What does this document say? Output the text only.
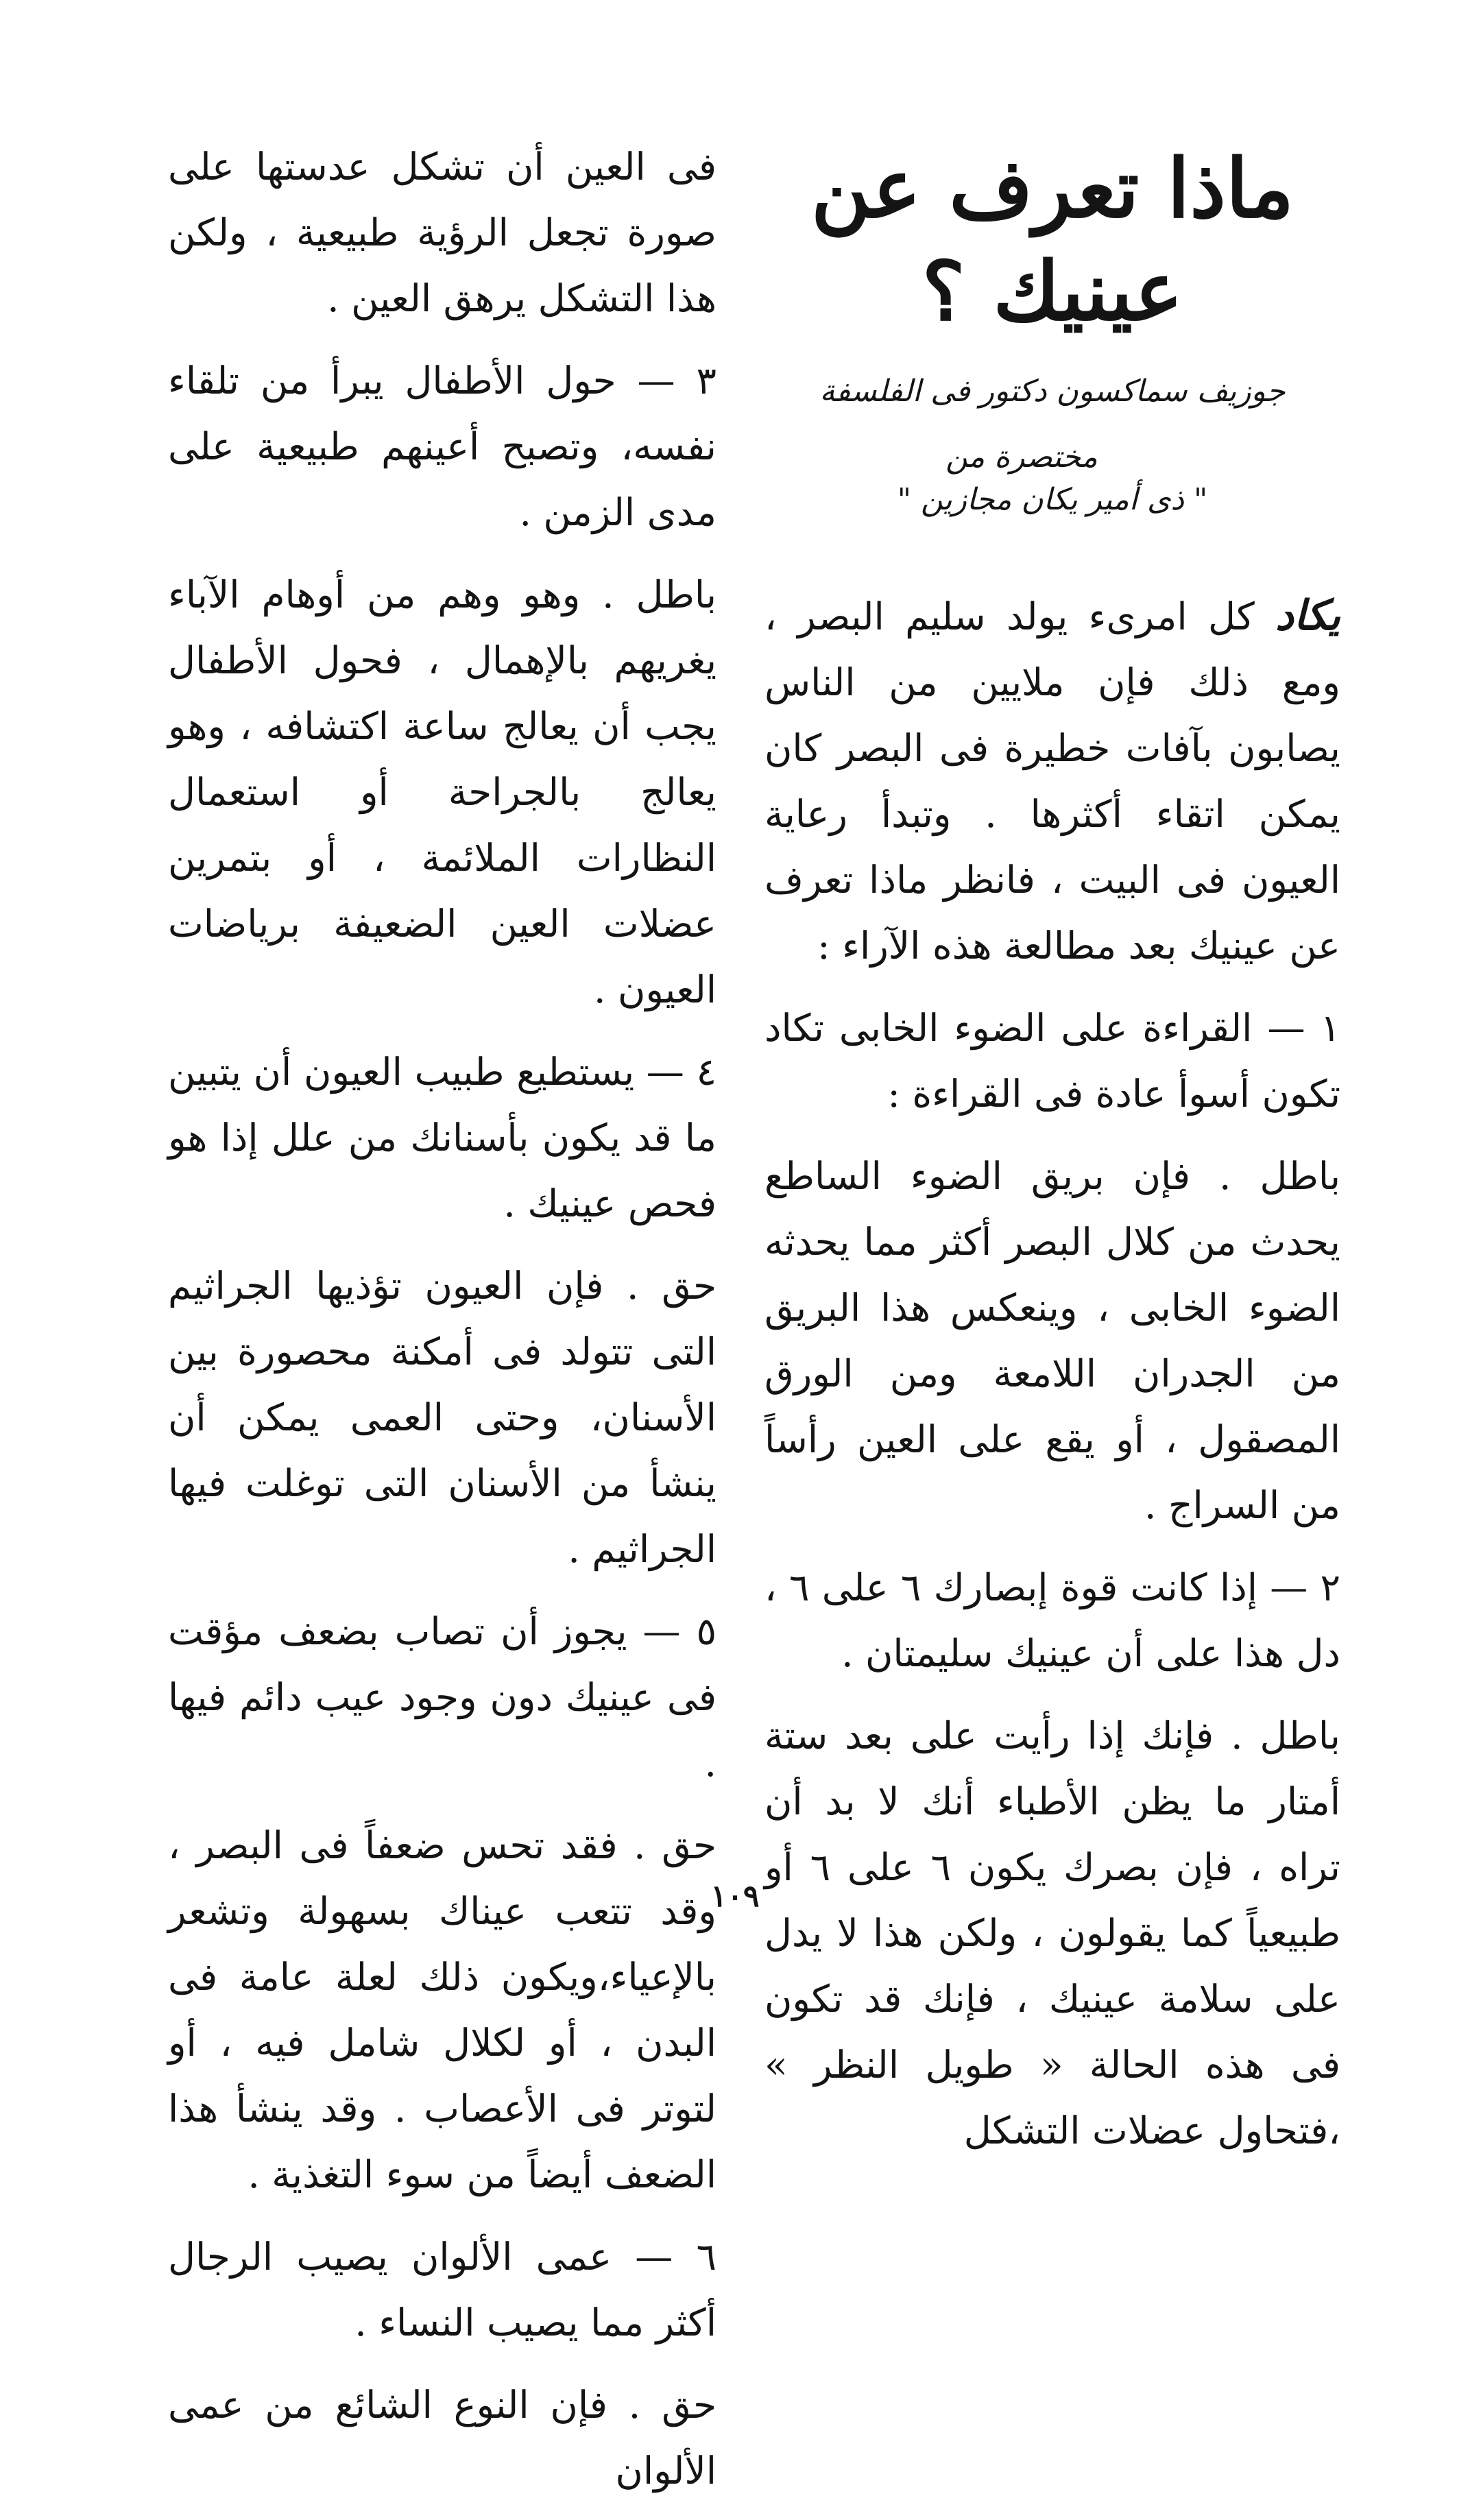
ماذا تعرف عن عينيك ؟
جوزيف سماكسون دكتور فى الفلسفة
مختصرة من
" ذى أمير يكان مجازين "

يكاد كل امرىء يولد سليم البصر ، ومع ذلك فإن ملايين من الناس يصابون بآفات خطيرة فى البصر كان يمكن اتقاء أكثرها . وتبدأ رعاية العيون فى البيت ، فانظر ماذا تعرف عن عينيك بعد مطالعة هذه الآراء :

١ — القراءة على الضوء الخابى تكاد تكون أسوأ عادة فى القراءة :

باطل . فإن بريق الضوء الساطع يحدث من كلال البصر أكثر مما يحدثه الضوء الخابى ، وينعكس هذا البريق من الجدران اللامعة ومن الورق المصقول ، أو يقع على العين رأساً من السراج .

٢ — إذا كانت قوة إبصارك ٦ على ٦ ، دل هذا على أن عينيك سليمتان .

باطل . فإنك إذا رأيت على بعد ستة أمتار ما يظن الأطباء أنك لا بد أن تراه ، فإن بصرك يكون ٦ على ٦ أو طبيعياً كما يقولون ، ولكن هذا لا يدل على سلامة عينيك ، فإنك قد تكون فى هذه الحالة « طويل النظر » ،فتحاول عضلات التشكل

فى العين أن تشكل عدستها على صورة تجعل الرؤية طبيعية ، ولكن هذا التشكل يرهق العين .

٣ — حول الأطفال يبرأ من تلقاء نفسه، وتصبح أعينهم طبيعية على مدى الزمن .

باطل . وهو وهم من أوهام الآباء يغريهم بالإهمال ، فحول الأطفال يجب أن يعالج ساعة اكتشافه ، وهو يعالج بالجراحة أو استعمال النظارات الملائمة ، أو بتمرين عضلات العين الضعيفة برياضات العيون .

٤ — يستطيع طبيب العيون أن يتبين ما قد يكون بأسنانك من علل إذا هو فحص عينيك .

حق . فإن العيون تؤذيها الجراثيم التى تتولد فى أمكنة محصورة بين الأسنان، وحتى العمى يمكن أن ينشأ من الأسنان التى توغلت فيها الجراثيم .

٥ — يجوز أن تصاب بضعف مؤقت فى عينيك دون وجود عيب دائم فيها .

حق . فقد تحس ضعفاً فى البصر ، وقد تتعب عيناك بسهولة وتشعر بالإعياء،ويكون ذلك لعلة عامة فى البدن ، أو لكلال شامل فيه ، أو لتوتر فى الأعصاب . وقد ينشأ هذا الضعف أيضاً من سوء التغذية .

٦ — عمى الألوان يصيب الرجال أكثر مما يصيب النساء .

حق . فإن النوع الشائع من عمى الألوان

١٠٩
